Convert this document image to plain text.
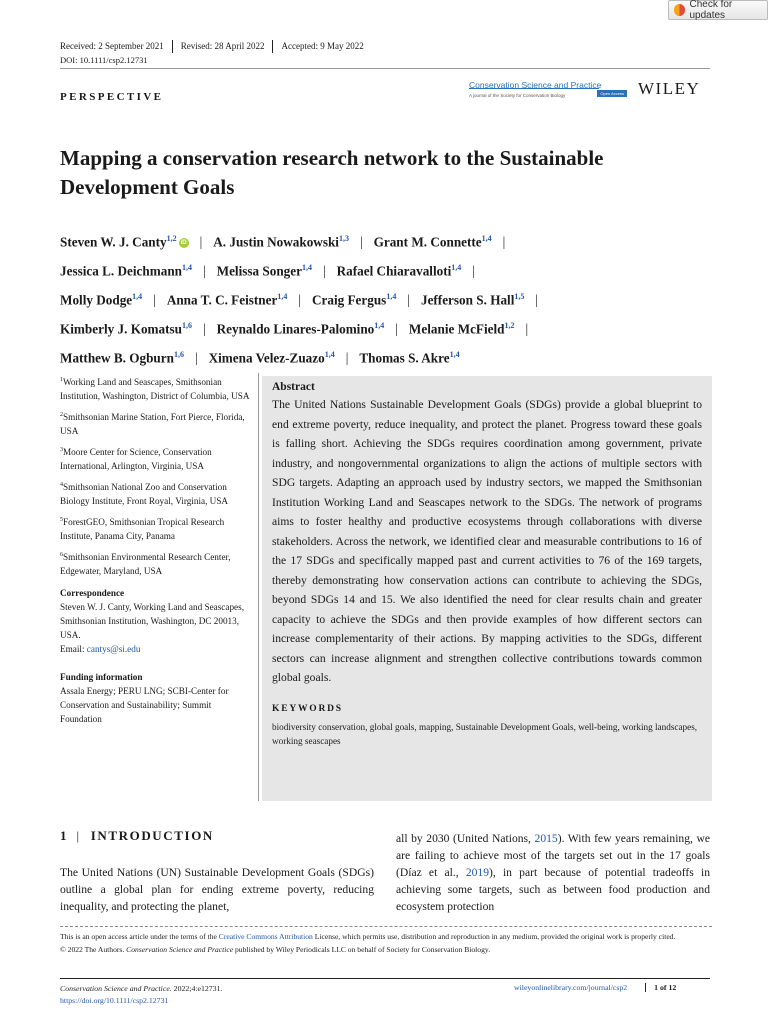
Check for updates
Received: 2 September 2021	Revised: 28 April 2022	Accepted: 9 May 2022
DOI: 10.1111/csp2.12731
PERSPECTIVE
Conservation Science and Practice
A journal of the Society for Conservation Biology	Open Access WILEY
Mapping a conservation research network to the Sustainable Development Goals
Steven W. J. Canty$^{1,2}$iD | A. Justin Nowakowski$^{1,3}$ | Grant M. Connette$^{1,4}$ |
Jessica L. Deichmann$^{1,4}$ | Melissa Songer$^{1,4}$ | Rafael Chiaravalloti$^{1,4}$ |
Molly Dodge$^{1,4}$ | Anna T. C. Feistner$^{1,4}$ | Craig Fergus$^{1,4}$ | Jefferson S. Hall$^{1,5}$ |
Kimberly J. Komatsu$^{1,6}$ | Reynaldo Linares-Palomino$^{1,4}$ | Melanie McField$^{1,2}$ |
Matthew B. Ogburn$^{1,6}$ | Ximena Velez-Zuazo$^{1,4}$ | Thomas S. Akre$^{1,4}$
$^1$Working Land and Seascapes, Smithsonian Institution, Washington, District of Columbia, USA
$^2$Smithsonian Marine Station, Fort Pierce, Florida, USA
$^3$Moore Center for Science, Conservation International, Arlington, Virginia, USA
$^4$Smithsonian National Zoo and Conservation Biology Institute, Front Royal, Virginia, USA
$^5$ForestGEO, Smithsonian Tropical Research Institute, Panama City, Panama
$^6$Smithsonian Environmental Research Center, Edgewater, Maryland, USA
Correspondence
Steven W. J. Canty, Working Land and Seascapes, Smithsonian Institution, Washington, DC 20013, USA.
Email: cantys@si.edu
Funding information
Assala Energy; PERU LNG; SCBI-Center for Conservation and Sustainability; Summit Foundation
Abstract

The United Nations Sustainable Development Goals (SDGs) provide a global blueprint to end extreme poverty, reduce inequality, and protect the planet. Progress toward these goals is falling short. Achieving the SDGs requires coordination among government, private industry, and nongovernmental organizations to align the actions of multiple sectors with SDG targets. Adapting an approach used by industry sectors, we mapped the Smithsonian Institution Working Land and Seascapes network to the SDGs. The network of programs aims to foster healthy and productive ecosystems through collaborations with diverse stakeholders. Across the network, we identified clear and measurable contributions to 16 of the 17 SDGs and specifically mapped past and current activities to 76 of the 169 targets, thereby demonstrating how conservation actions can contribute to achieving the SDGs, beyond SDGs 14 and 15. We also identified the need for clear results chain and greater capacity to achieve the SDGs and then provide examples of how different sectors can increase complementarity of their actions. By mapping activities to the SDGs, different sectors can increase alignment and strengthen collective contributions towards common global goals.

KEYWORDS
biodiversity conservation, global goals, mapping, Sustainable Development Goals, well-being, working landscapes, working seascapes
1 | INTRODUCTION

The United Nations (UN) Sustainable Development Goals (SDGs) outline a global plan for ending extreme poverty, reducing inequality, and protecting the planet,

all by 2030 (United Nations, 2015). With few years remaining, we are failing to achieve most of the targets set out in the 17 goals (Díaz et al., 2019), in part because of potential tradeoffs in achieving some targets, such as between food production and ecosystem protection

This is an open access article under the terms of the Creative Commons Attribution License, which permits use, distribution and reproduction in any medium, provided the original work is properly cited.
© 2022 The Authors. Conservation Science and Practice published by Wiley Periodicals LLC on behalf of Society for Conservation Biology.
Conservation Science and Practice. 2022;4:e12731.
https://doi.org/10.1111/csp2.12731
wileyonlinelibrary.com/journal/csp2	1 of 12
